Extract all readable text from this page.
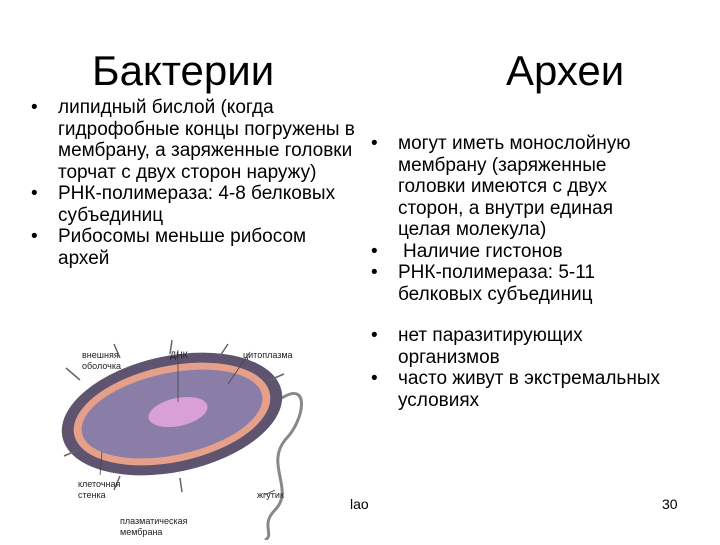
Бактерии	Археи
• липидный бислой (когда гидрофобные концы погружены в мембрану, а заряженные головки торчат с двух сторон наружу)
• РНК-полимераза: 4-8 белковых субъединиц
• Рибосомы меньше рибосом архей
• могут иметь монослойную мембрану (заряженные головки имеются с двух сторон, а внутри единая целая молекула)
• Наличие гистонов
• РНК-полимераза: 5-11 белковых субъединиц
• нет паразитирующих организмов
• часто живут в экстремальных условиях
внешняя
оболочка
ДНК	цитоплазма
клеточная
стенка	жгутик
плазматическая
мембрана
lao	30
